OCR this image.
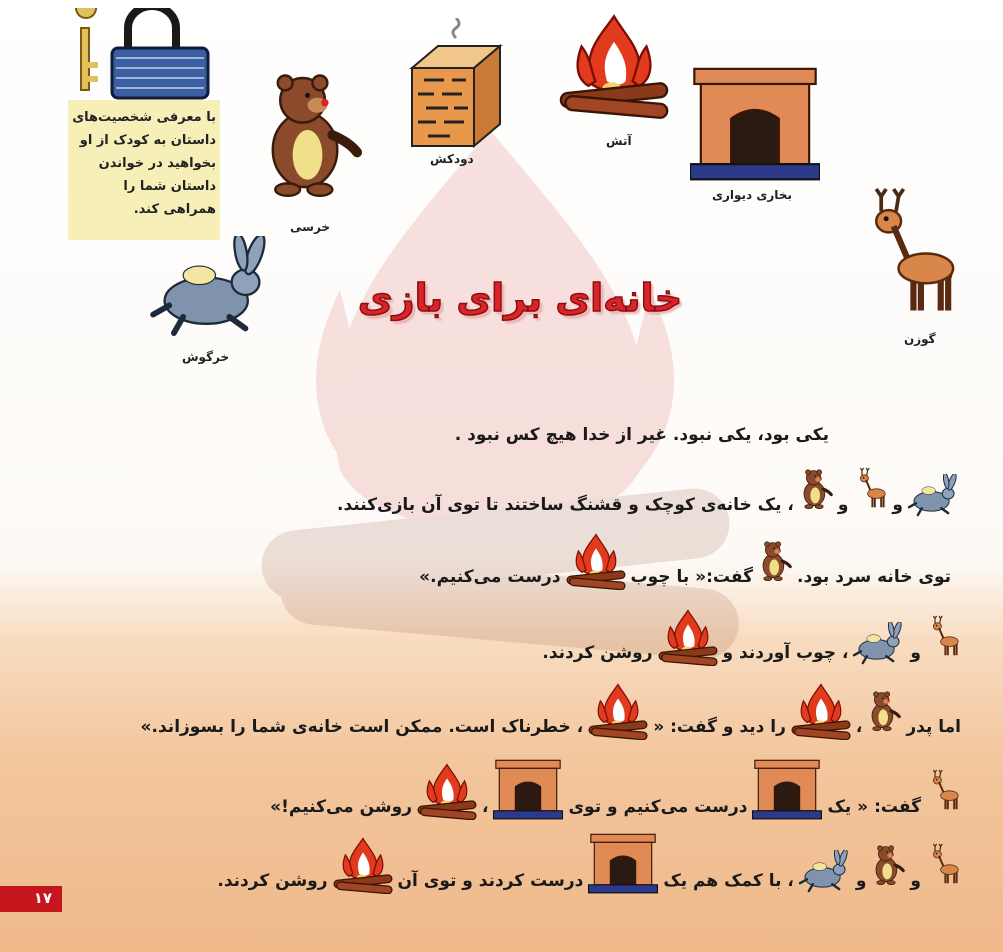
با معرفی شخصیت‌های داستان به کودک از او بخواهید در خواندن داستان شما را همراهی کند.
خرسی
دودکش
آتش
بخاری دیواری
گوزن
خرگوش
خانه‌ای برای بازی
یکی بود، یکی نبود. غیر از خدا هیچ کس نبود .
و
و
، یک خانه‌ی کوچک و قشنگ ساختند تا توی آن بازی‌کنند.
توی خانه سرد بود.
گفت:« با چوب
درست می‌کنیم.»
و
، چوب آوردند و
روشن کردند.
اما پدر
،
را دید و گفت: «
، خطرناک است. ممکن است خانه‌ی شما را بسوزاند.»
گفت: « یک
درست می‌کنیم و توی
،
روشن می‌کنیم!»
و
و
، با کمک هم یک
درست کردند و توی آن
روشن کردند.
۱۷
